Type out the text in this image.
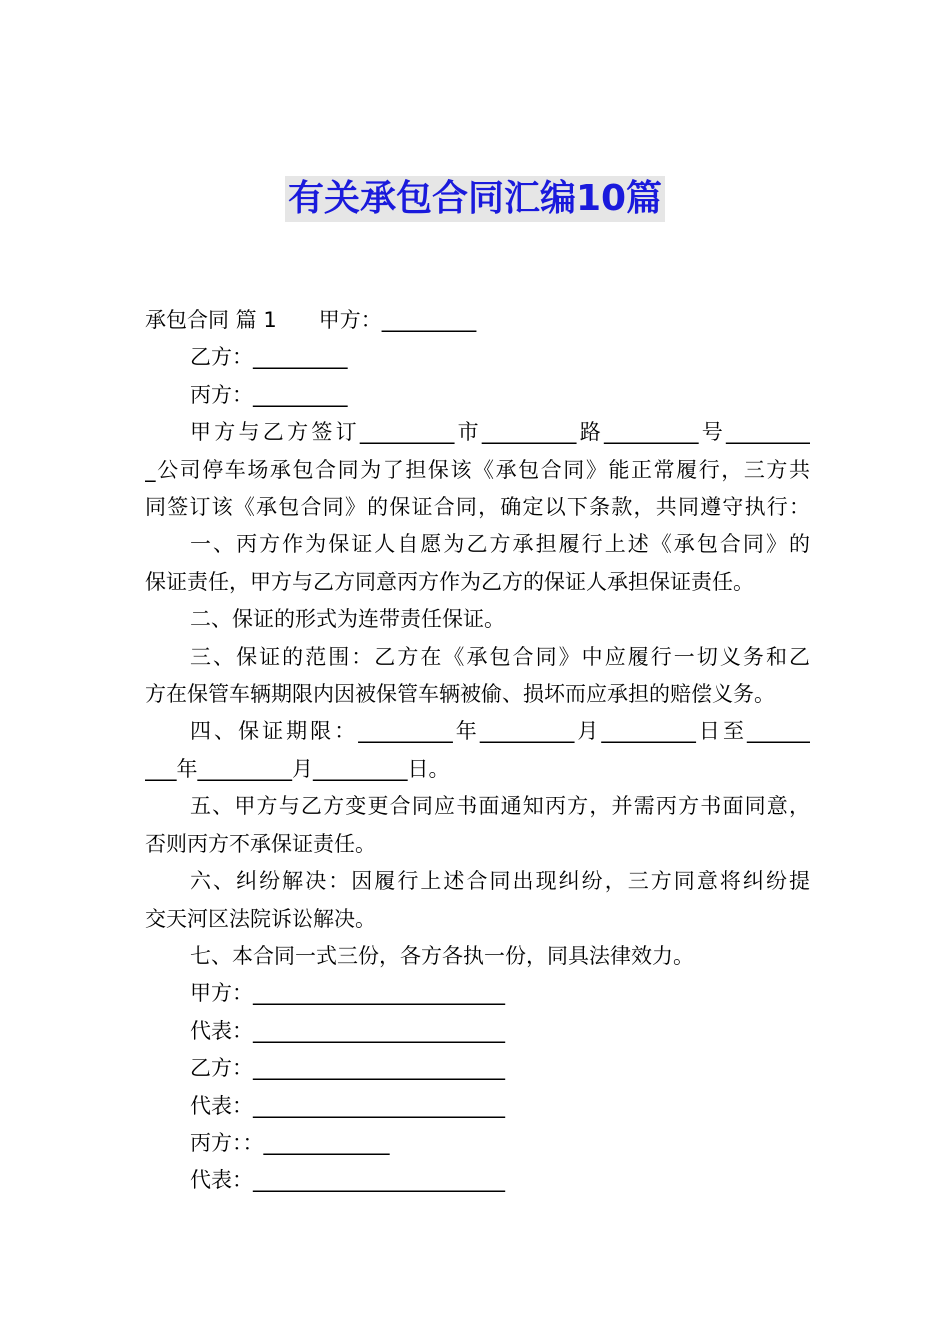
有关承包合同汇编10篇

承包合同 篇 1 甲方：_________

乙方：_________

丙方：_________

甲方与乙方签订_________市_________路_________号________

_公司停车场承包合同为了担保该《承包合同》能正常履行，三方共

同签订该《承包合同》的保证合同，确定以下条款，共同遵守执行：

一、丙方作为保证人自愿为乙方承担履行上述《承包合同》的

保证责任，甲方与乙方同意丙方作为乙方的保证人承担保证责任。

二、保证的形式为连带责任保证。

三、保证的范围：乙方在《承包合同》中应履行一切义务和乙

方在保管车辆期限内因被保管车辆被偷、损坏而应承担的赔偿义务。

四、保证期限：_________年_________月_________日至______

___年_________月_________日。

五、甲方与乙方变更合同应书面通知丙方，并需丙方书面同意，

否则丙方不承保证责任。

六、纠纷解决：因履行上述合同出现纠纷，三方同意将纠纷提

交天河区法院诉讼解决。

七、本合同一式三份，各方各执一份，同具法律效力。

甲方：________________________

代表：________________________

乙方：________________________

代表：________________________

丙方：：____________

代表：________________________
